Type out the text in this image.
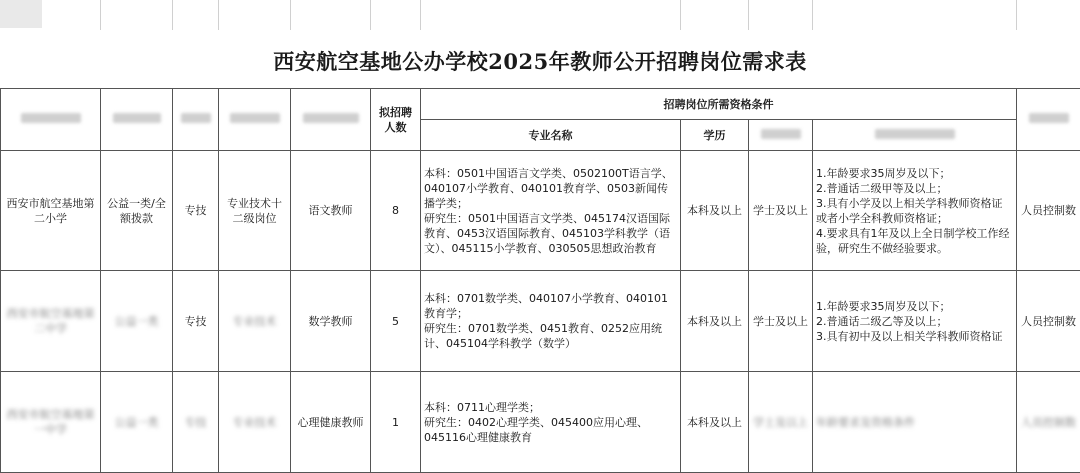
西安航空基地公办学校2025年教师公开招聘岗位需求表
					拟招聘人数	招聘岗位所需资格条件				
						专业名称	学历			
西安市航空基地第二小学	公益一类/全额拨款	专技	专业技术十二级岗位	语文教师	8	本科：0501中国语言文学类、0502100T语言学、040107小学教育、040101教育学、0503新闻传播学类；
研究生：0501中国语言文学类、045174汉语国际教育、0453汉语国际教育、045103学科教学（语文）、045115小学教育、030505思想政治教育	本科及以上	学士及以上	1.年龄要求35周岁及以下；
2.普通话二级甲等及以上；
3.具有小学及以上相关学科教师资格证或者小学全科教师资格证；
4.要求具有1年及以上全日制学校工作经验，研究生不做经验要求。	人员控制数
西安市航空基地第二中学	公益一类	专技	专业技术	数学教师	5	本科：0701数学类、040107小学教育、040101教育学；
研究生：0701数学类、0451教育、0252应用统计、045104学科教学（数学）	本科及以上	学士及以上	1.年龄要求35周岁及以下；
2.普通话二级乙等及以上；
3.具有初中及以上相关学科教师资格证	人员控制数
西安市航空基地第一中学	公益一类	专技	专业技术	心理健康教师	1	本科：0711心理学类；
研究生：0402心理学类、045400应用心理、045116心理健康教育	本科及以上	学士及以上	年龄要求及资格条件	人员控制数
